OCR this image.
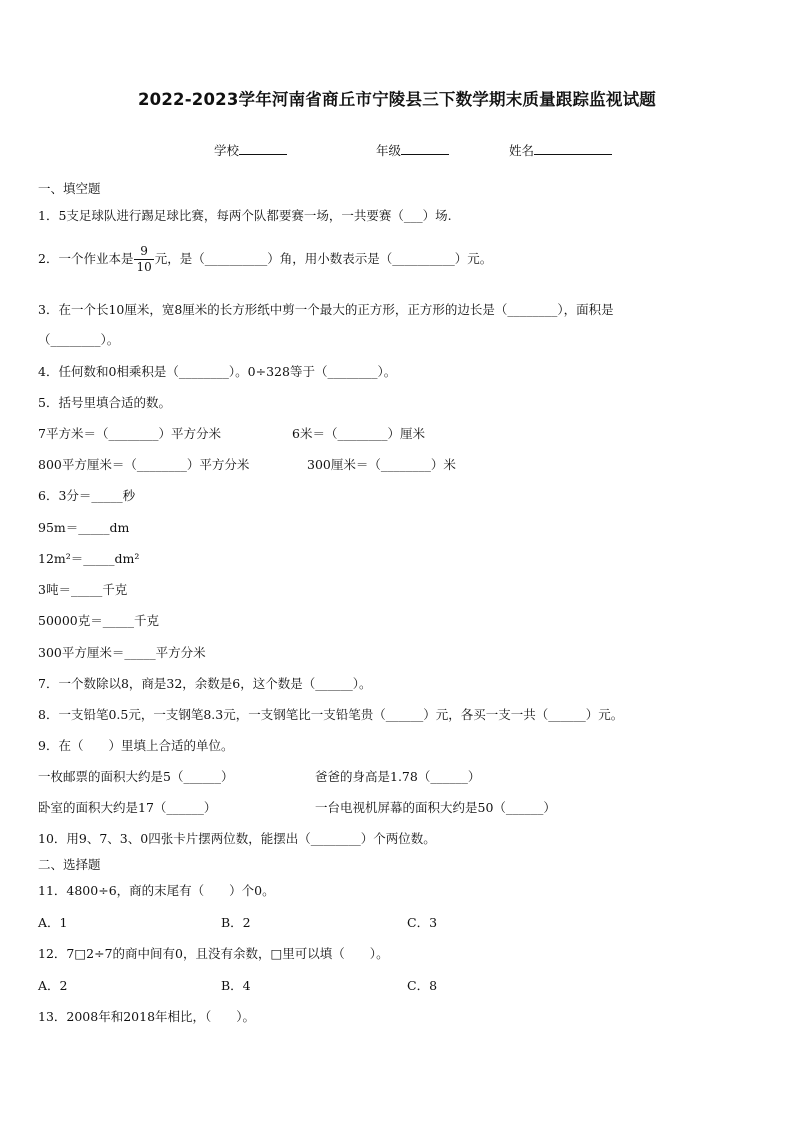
2022-2023学年河南省商丘市宁陵县三下数学期末质量跟踪监视试题
学校	年级	姓名
一、填空题
1．5支足球队进行踢足球比赛，每两个队都要赛一场，一共要赛（___）场.
2．一个作业本是 $\frac{9}{10}$ 元，是（__________）角，用小数表示是（__________）元。
3．在一个长10厘米，宽8厘米的长方形纸中剪一个最大的正方形，正方形的边长是（________），面积是
（________）。
4．任何数和0相乘积是（________）。0÷328等于（________）。
5．括号里填合适的数。
7平方米＝（________）平方分米	6米＝（________）厘米
800平方厘米＝（________）平方分米	300厘米＝（________）米
6．3分＝_____秒
95m＝_____dm
12m²＝_____dm²
3吨＝_____千克
50000克＝_____千克
300平方厘米＝_____平方分米
7．一个数除以8，商是32，余数是6，这个数是（______）。
8．一支铅笔0.5元，一支钢笔8.3元，一支钢笔比一支铅笔贵（______）元，各买一支一共（______）元。
9．在（　　）里填上合适的单位。
一枚邮票的面积大约是5（______）	爸爸的身高是1.78（______）
卧室的面积大约是17（______）	一台电视机屏幕的面积大约是50（______）
10．用9、7、3、0四张卡片摆两位数，能摆出（________）个两位数。
二、选择题
11．4800÷6，商的末尾有（　　）个0。
A．1	B．2	C．3
12．7□2÷7的商中间有0，且没有余数，□里可以填（　　）。
A．2	B．4	C．8
13．2008年和2018年相比，（　　）。
